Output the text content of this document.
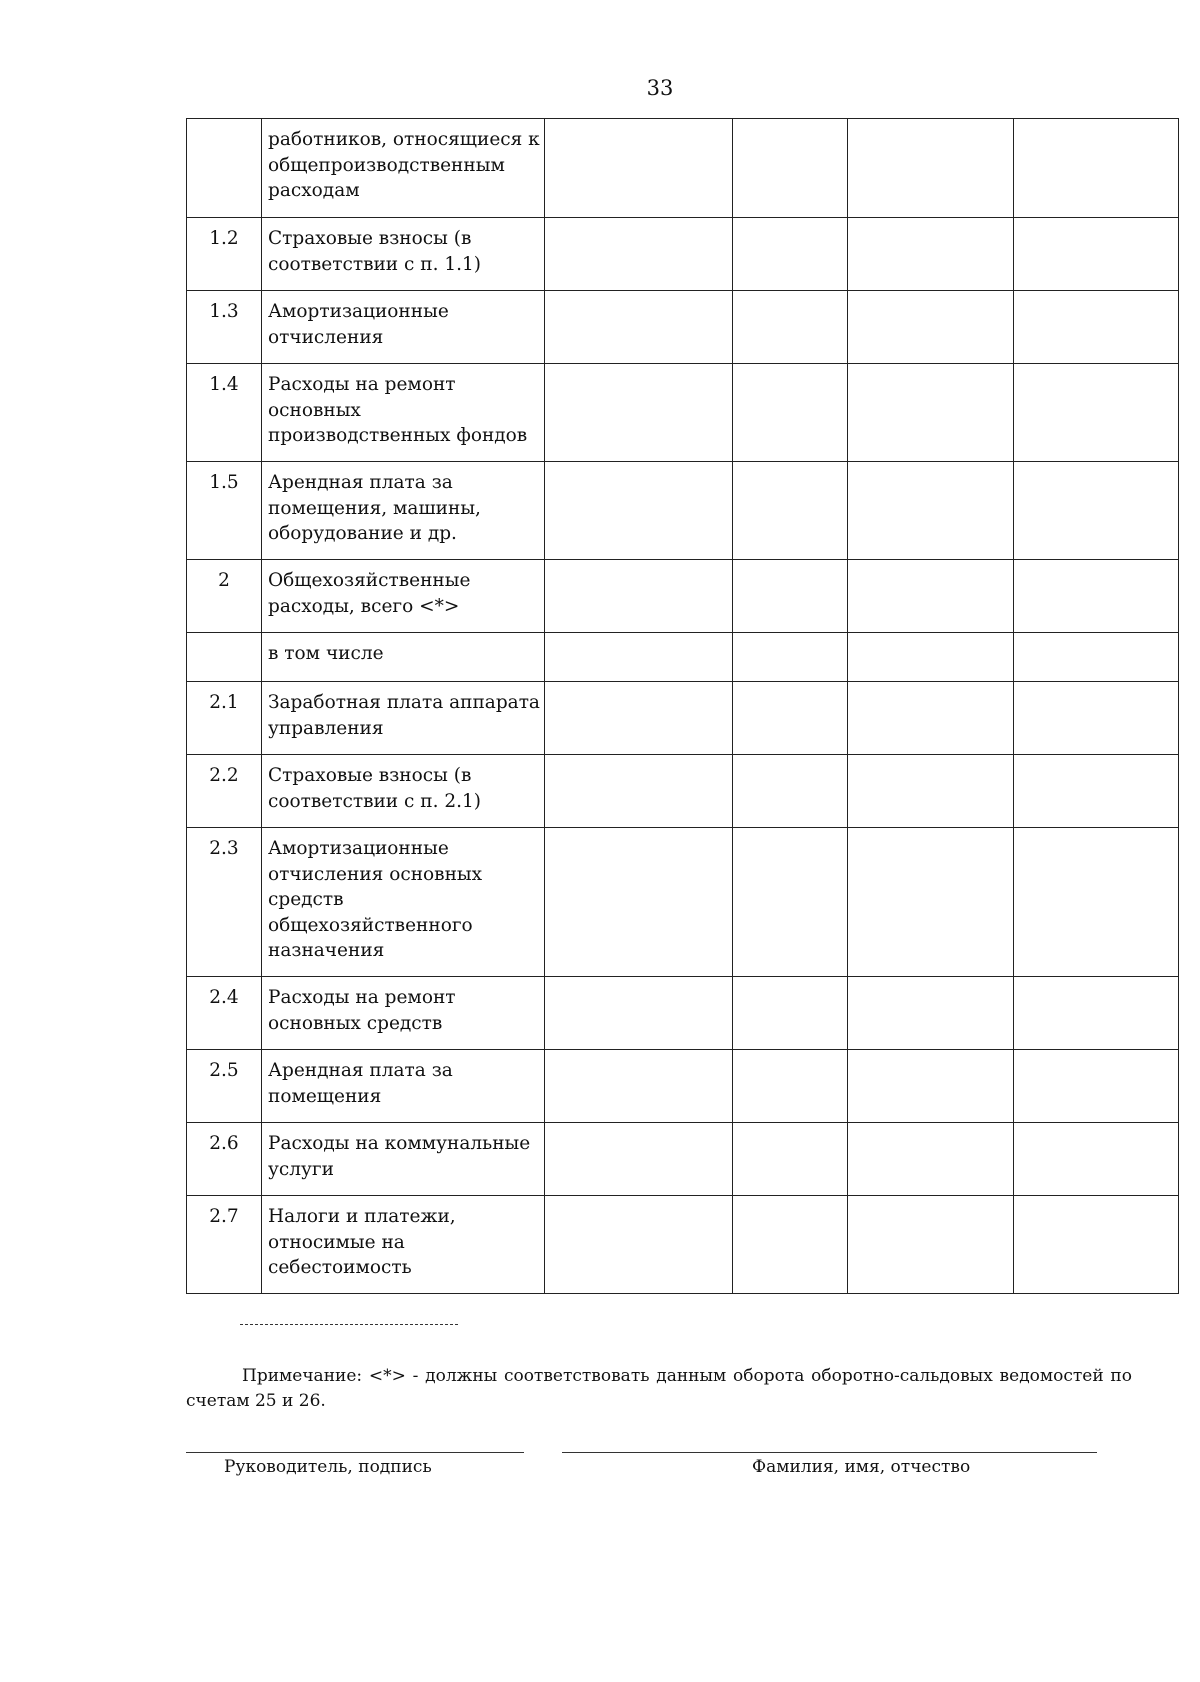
33
	работников, относящиеся к общепроизводственным расходам				
1.2	Страховые взносы (в соответствии с п. 1.1)				
1.3	Амортизационные отчисления				
1.4	Расходы на ремонт основных производственных фондов				
1.5	Арендная плата за помещения, машины, оборудование и др.				
2	Общехозяйственные расходы, всего <*>				
	в том числе				
2.1	Заработная плата аппарата управления				
2.2	Страховые взносы (в соответствии с п. 2.1)				
2.3	Амортизационные отчисления основных средств общехозяйственного назначения				
2.4	Расходы на ремонт основных средств				
2.5	Арендная плата за помещения				
2.6	Расходы на коммунальные услуги				
2.7	Налоги и платежи, относимые на себестоимость				
Примечание: <*> - должны соответствовать данным оборота оборотно-сальдовых ведомостей по счетам 25 и 26.
Руководитель, подпись	Фамилия, имя, отчество
